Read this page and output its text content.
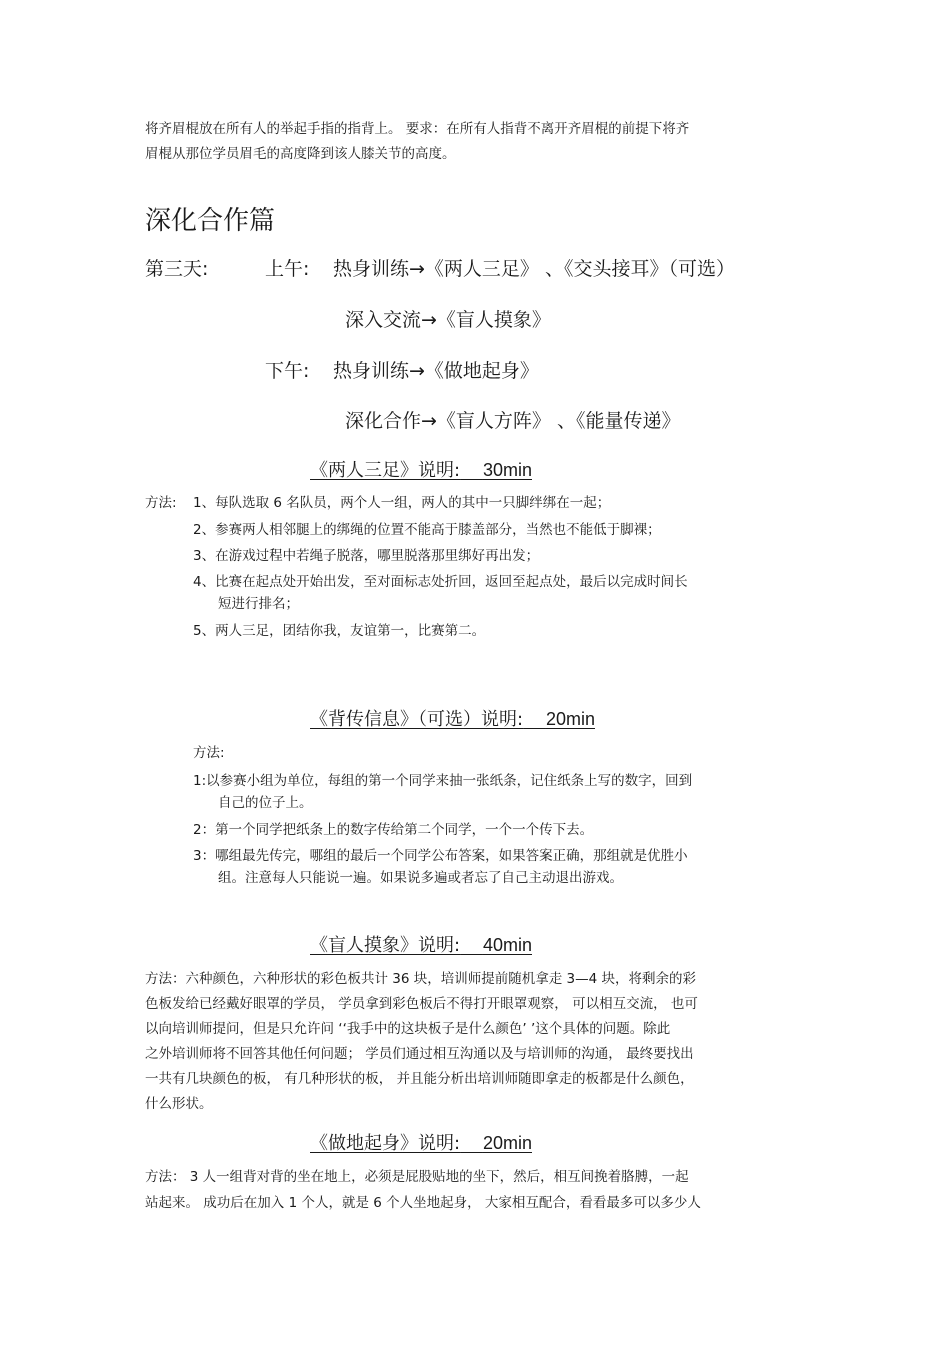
将齐眉棍放在所有人的举起手指的指背上。 要求：在所有人指背不离开齐眉棍的前提下将齐
眉棍从那位学员眉毛的高度降到该人膝关节的高度。
深化合作篇
第三天:	上午: 热身训练→《两人三足》 、《交头接耳》（可选）
深入交流→《盲人摸象》
下午: 热身训练→《做地起身》
深化合作→《盲人方阵》 、《能量传递》
《两人三足》说明: 30min
方法: 1、每队选取 6 名队员，两个人一组，两人的其中一只脚绊绑在一起；
2、参赛两人相邻腿上的绑绳的位置不能高于膝盖部分，当然也不能低于脚裸；
3、在游戏过程中若绳子脱落，哪里脱落那里绑好再出发；
4、比赛在起点处开始出发，至对面标志处折回，返回至起点处，最后以完成时间长
短进行排名；
5、两人三足，团结你我，友谊第一，比赛第二。
《背传信息》（可选）说明: 20min
方法:
1:以参赛小组为单位，每组的第一个同学来抽一张纸条，记住纸条上写的数字，回到
自己的位子上。
2：第一个同学把纸条上的数字传给第二个同学，一个一个传下去。
3：哪组最先传完，哪组的最后一个同学公布答案，如果答案正确，那组就是优胜小
组。注意每人只能说一遍。如果说多遍或者忘了自己主动退出游戏。
《盲人摸象》说明: 40min
方法：六种颜色，六种形状的彩色板共计 36 块，培训师提前随机拿走 3—4 块，将剩余的彩
色板发给已经戴好眼罩的学员， 学员拿到彩色板后不得打开眼罩观察， 可以相互交流， 也可
以向培训师提问，但是只允许问 ‘‘我手中的这块板子是什么颜色’ ’这个具体的问题。除此
之外培训师将不回答其他任何问题； 学员们通过相互沟通以及与培训师的沟通， 最终要找出
一共有几块颜色的板， 有几种形状的板， 并且能分析出培训师随即拿走的板都是什么颜色，
什么形状。
《做地起身》说明: 20min
方法： 3 人一组背对背的坐在地上，必须是屁股贴地的坐下，然后，相互间挽着胳膊，一起
站起来。 成功后在加入 1 个人，就是 6 个人坐地起身， 大家相互配合，看看最多可以多少人
